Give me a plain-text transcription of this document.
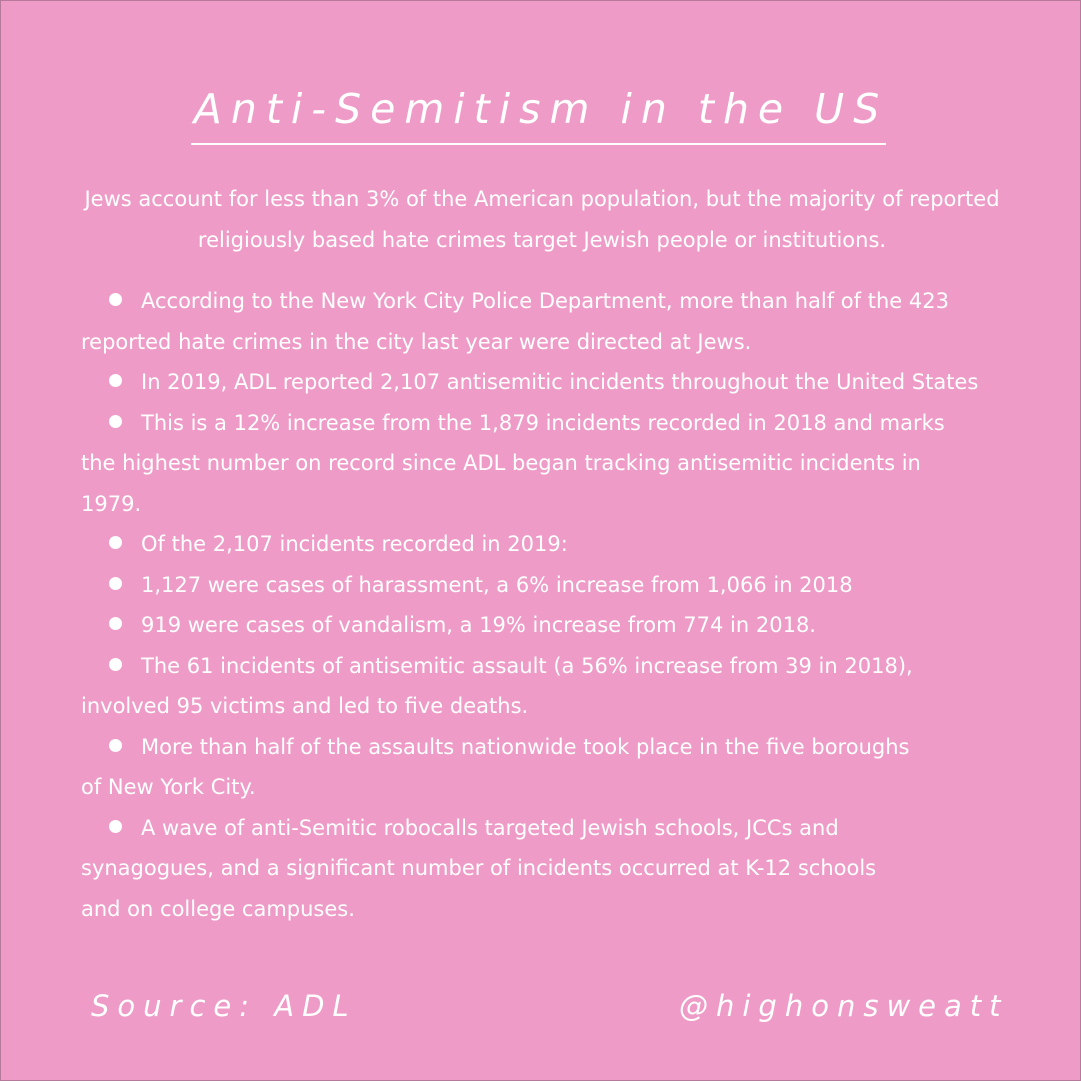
Anti-Semitism in the US

Jews account for less than 3% of the American population, but the majority of reported religiously based hate crimes target Jewish people or institutions.

According to the New York City Police Department, more than half of the 423
reported hate crimes in the city last year were directed at Jews.
In 2019, ADL reported 2,107 antisemitic incidents throughout the United States
This is a 12% increase from the 1,879 incidents recorded in 2018 and marks
the highest number on record since ADL began tracking antisemitic incidents in
1979.
Of the 2,107 incidents recorded in 2019:
1,127 were cases of harassment, a 6% increase from 1,066 in 2018
919 were cases of vandalism, a 19% increase from 774 in 2018.
The 61 incidents of antisemitic assault (a 56% increase from 39 in 2018),
involved 95 victims and led to five deaths.
More than half of the assaults nationwide took place in the five boroughs
of New York City.
A wave of anti-Semitic robocalls targeted Jewish schools, JCCs and
synagogues, and a significant number of incidents occurred at K-12 schools
and on college campuses.

Source: ADL	@highonsweatt
